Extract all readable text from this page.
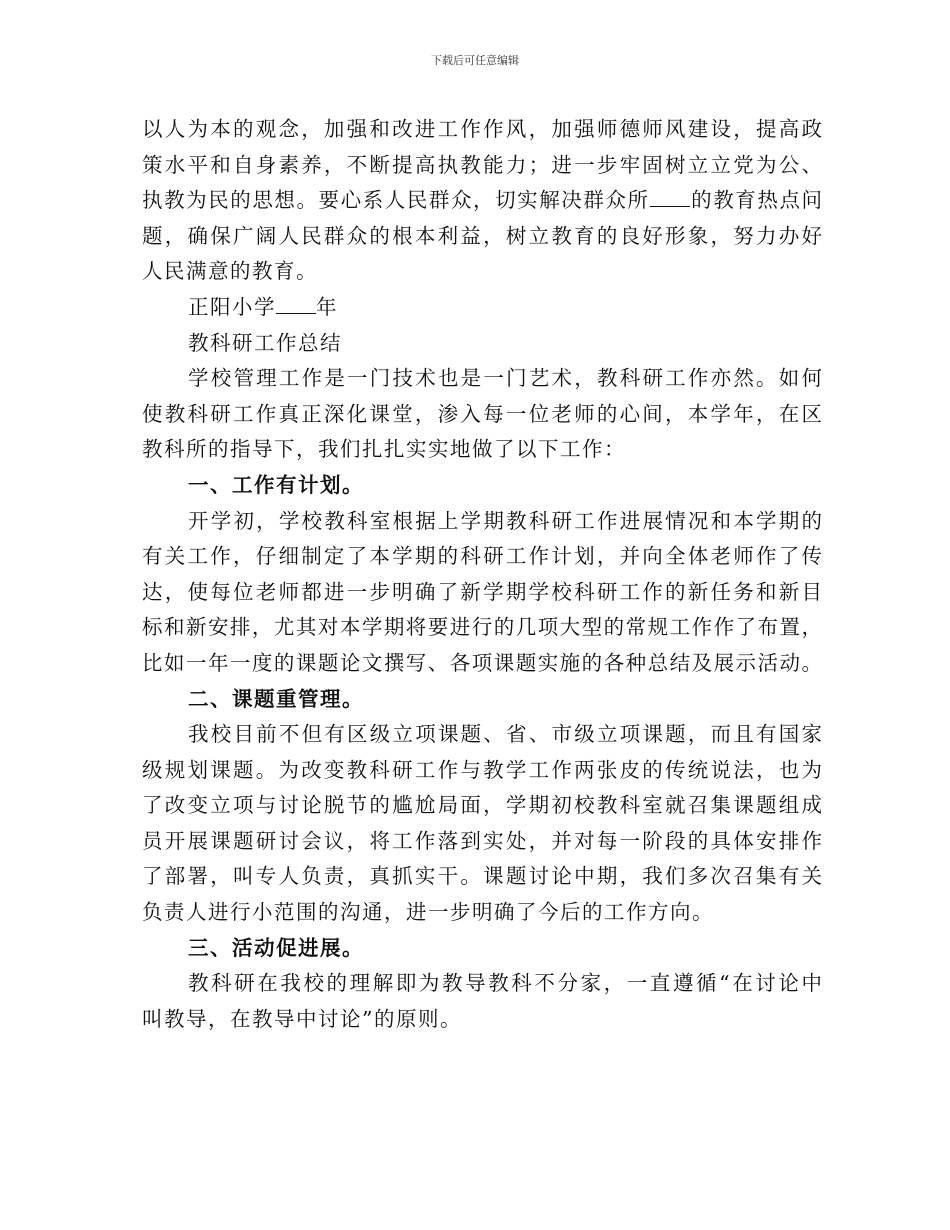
下载后可任意编辑
以人为本的观念，加强和改进工作作风，加强师德师风建设，提高政
策水平和自身素养，不断提高执教能力；进一步牢固树立立党为公、
执教为民的思想。要心系人民群众，切实解决群众所 的教育热点问
题，确保广阔人民群众的根本利益，树立教育的良好形象，努力办好
人民满意的教育。
正阳小学 年
教科研工作总结
学校管理工作是一门技术也是一门艺术，教科研工作亦然。如何
使教科研工作真正深化课堂，渗入每一位老师的心间，本学年，在区
教科所的指导下，我们扎扎实实地做了以下工作：
一、工作有计划。
开学初，学校教科室根据上学期教科研工作进展情况和本学期的
有关工作，仔细制定了本学期的科研工作计划，并向全体老师作了传
达，使每位老师都进一步明确了新学期学校科研工作的新任务和新目
标和新安排，尤其对本学期将要进行的几项大型的常规工作作了布置，
比如一年一度的课题论文撰写、各项课题实施的各种总结及展示活动。
二、课题重管理。
我校目前不但有区级立项课题、省、市级立项课题，而且有国家
级规划课题。为改变教科研工作与教学工作两张皮的传统说法，也为
了改变立项与讨论脱节的尴尬局面，学期初校教科室就召集课题组成
员开展课题研讨会议，将工作落到实处，并对每一阶段的具体安排作
了部署，叫专人负责，真抓实干。课题讨论中期，我们多次召集有关
负责人进行小范围的沟通，进一步明确了今后的工作方向。
三、活动促进展。
教科研在我校的理解即为教导教科不分家，一直遵循“在讨论中
叫教导，在教导中讨论”的原则。
